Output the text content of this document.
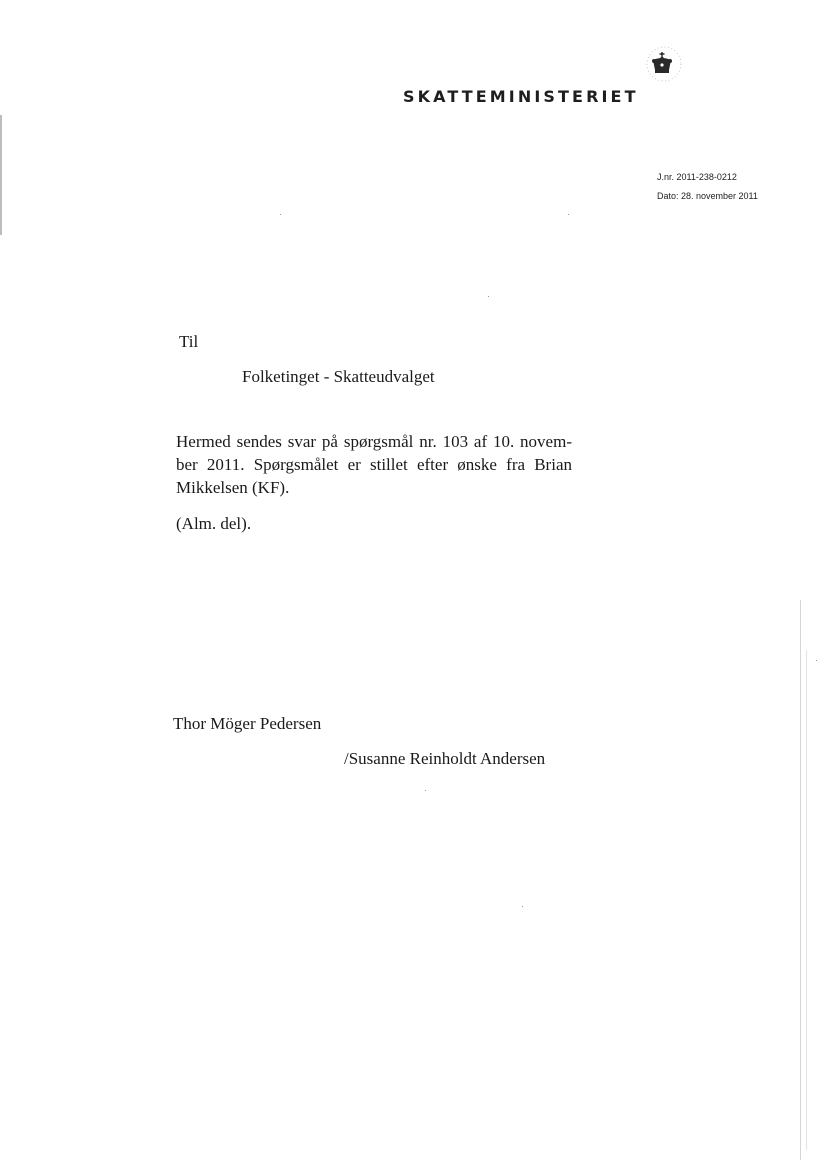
SKATTEMINISTERIET
J.nr. 2011-238-0212
Dato: 28. november 2011
Til
Folketinget - Skatteudvalget
Hermed sendes svar på spørgsmål nr. 103 af 10. novem-
ber 2011. Spørgsmålet er stillet efter ønske fra Brian
Mikkelsen (KF).
(Alm. del).
Thor Möger Pedersen
/Susanne Reinholdt Andersen
